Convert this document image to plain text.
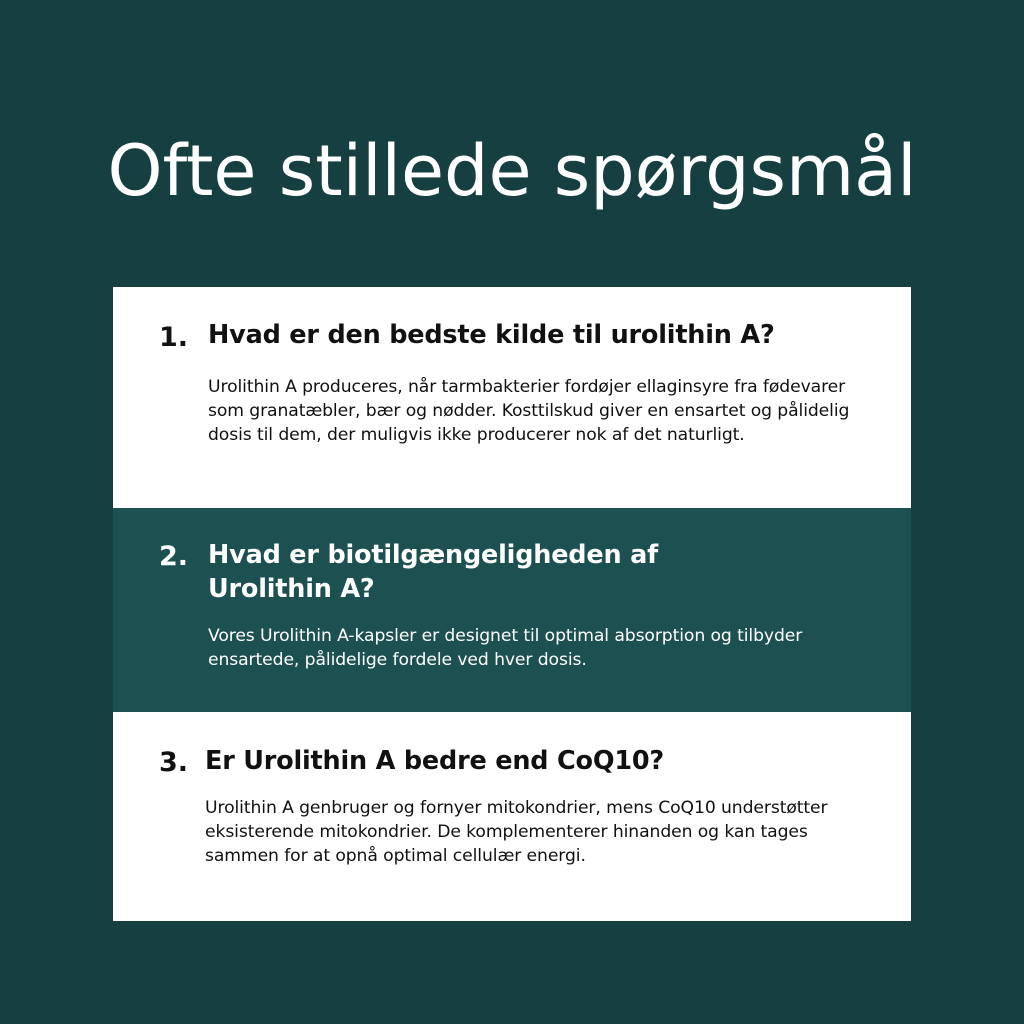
Ofte stillede spørgsmål
1. Hvad er den bedste kilde til urolithin A?

Urolithin A produceres, når tarmbakterier fordøjer ellaginsyre fra fødevarer som granatæbler, bær og nødder. Kosttilskud giver en ensartet og pålidelig dosis til dem, der muligvis ikke producerer nok af det naturligt.

2. Hvad er biotilgængeligheden af Urolithin A?

Vores Urolithin A-kapsler er designet til optimal absorption og tilbyder ensartede, pålidelige fordele ved hver dosis.

3. Er Urolithin A bedre end CoQ10?

Urolithin A genbruger og fornyer mitokondrier, mens CoQ10 understøtter eksisterende mitokondrier. De komplementerer hinanden og kan tages sammen for at opnå optimal cellulær energi.
